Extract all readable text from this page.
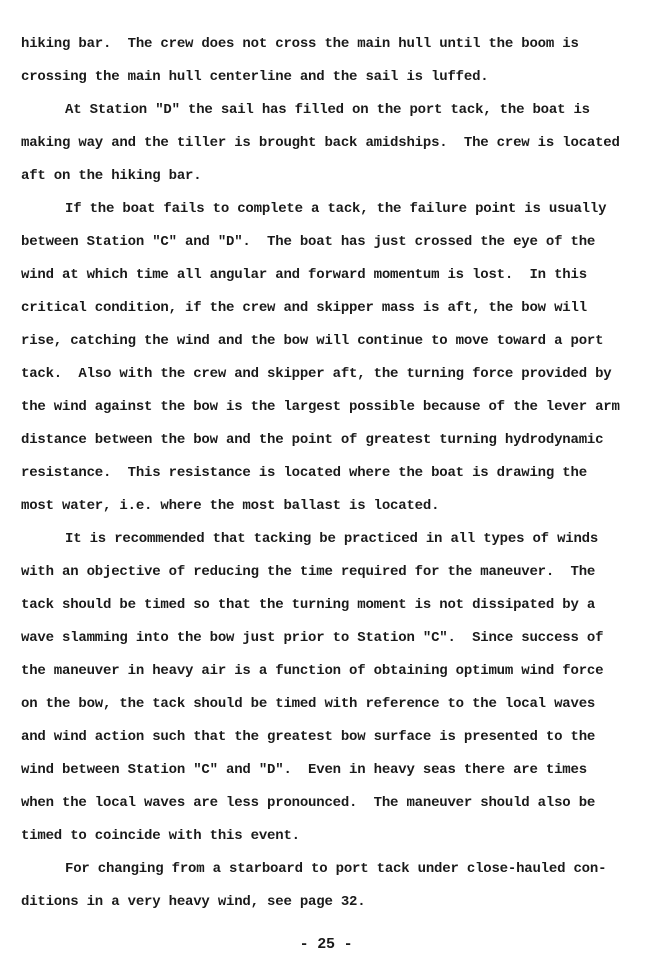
hiking bar.  The crew does not cross the main hull until the boom is
crossing the main hull centerline and the sail is luffed.

At Station "D" the sail has filled on the port tack, the boat is
making way and the tiller is brought back amidships.  The crew is located
aft on the hiking bar.

If the boat fails to complete a tack, the failure point is usually
between Station "C" and "D".  The boat has just crossed the eye of the
wind at which time all angular and forward momentum is lost.  In this
critical condition, if the crew and skipper mass is aft, the bow will
rise, catching the wind and the bow will continue to move toward a port
tack.  Also with the crew and skipper aft, the turning force provided by
the wind against the bow is the largest possible because of the lever arm
distance between the bow and the point of greatest turning hydrodynamic
resistance.  This resistance is located where the boat is drawing the
most water, i.e. where the most ballast is located.

It is recommended that tacking be practiced in all types of winds
with an objective of reducing the time required for the maneuver.  The
tack should be timed so that the turning moment is not dissipated by a
wave slamming into the bow just prior to Station "C".  Since success of
the maneuver in heavy air is a function of obtaining optimum wind force
on the bow, the tack should be timed with reference to the local waves
and wind action such that the greatest bow surface is presented to the
wind between Station "C" and "D".  Even in heavy seas there are times
when the local waves are less pronounced.  The maneuver should also be
timed to coincide with this event.

For changing from a starboard to port tack under close-hauled con-
ditions in a very heavy wind, see page 32.

- 25 -
